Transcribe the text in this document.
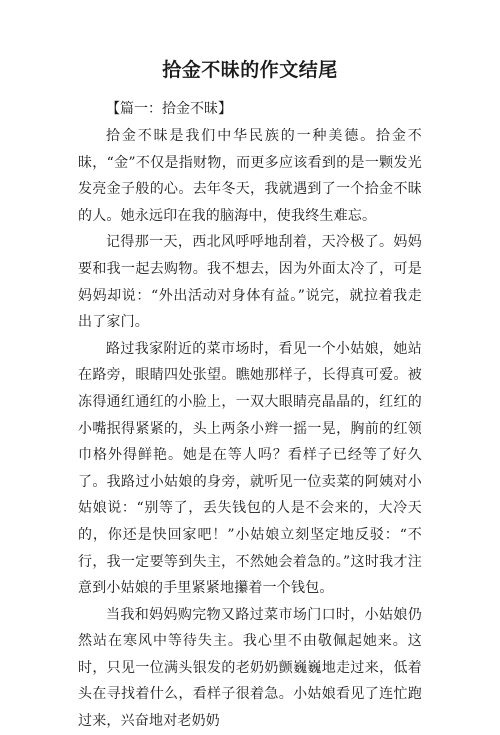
拾金不昧的作文结尾
【篇一：拾金不昧】

拾金不昧是我们中华民族的一种美德。拾金不昧，“金”不仅是指财物，而更多应该看到的是一颗发光发亮金子般的心。去年冬天，我就遇到了一个拾金不昧的人。她永远印在我的脑海中，使我终生难忘。

记得那一天，西北风呼呼地刮着，天冷极了。妈妈要和我一起去购物。我不想去，因为外面太冷了，可是妈妈却说：“外出活动对身体有益。”说完，就拉着我走出了家门。

路过我家附近的菜市场时，看见一个小姑娘，她站在路旁，眼睛四处张望。瞧她那样子，长得真可爱。被冻得通红通红的小脸上，一双大眼睛亮晶晶的，红红的小嘴抿得紧紧的，头上两条小辫一摇一晃，胸前的红领巾格外得鲜艳。她是在等人吗？看样子已经等了好久了。我路过小姑娘的身旁，就听见一位卖菜的阿姨对小姑娘说：“别等了，丢失钱包的人是不会来的，大冷天的，你还是快回家吧！”小姑娘立刻坚定地反驳：“不行，我一定要等到失主，不然她会着急的。”这时我才注意到小姑娘的手里紧紧地攥着一个钱包。

当我和妈妈购完物又路过菜市场门口时，小姑娘仍然站在寒风中等待失主。我心里不由敬佩起她来。这时，只见一位满头银发的老奶奶颤巍巍地走过来，低着头在寻找着什么，看样子很着急。小姑娘看见了连忙跑过来，兴奋地对老奶奶
